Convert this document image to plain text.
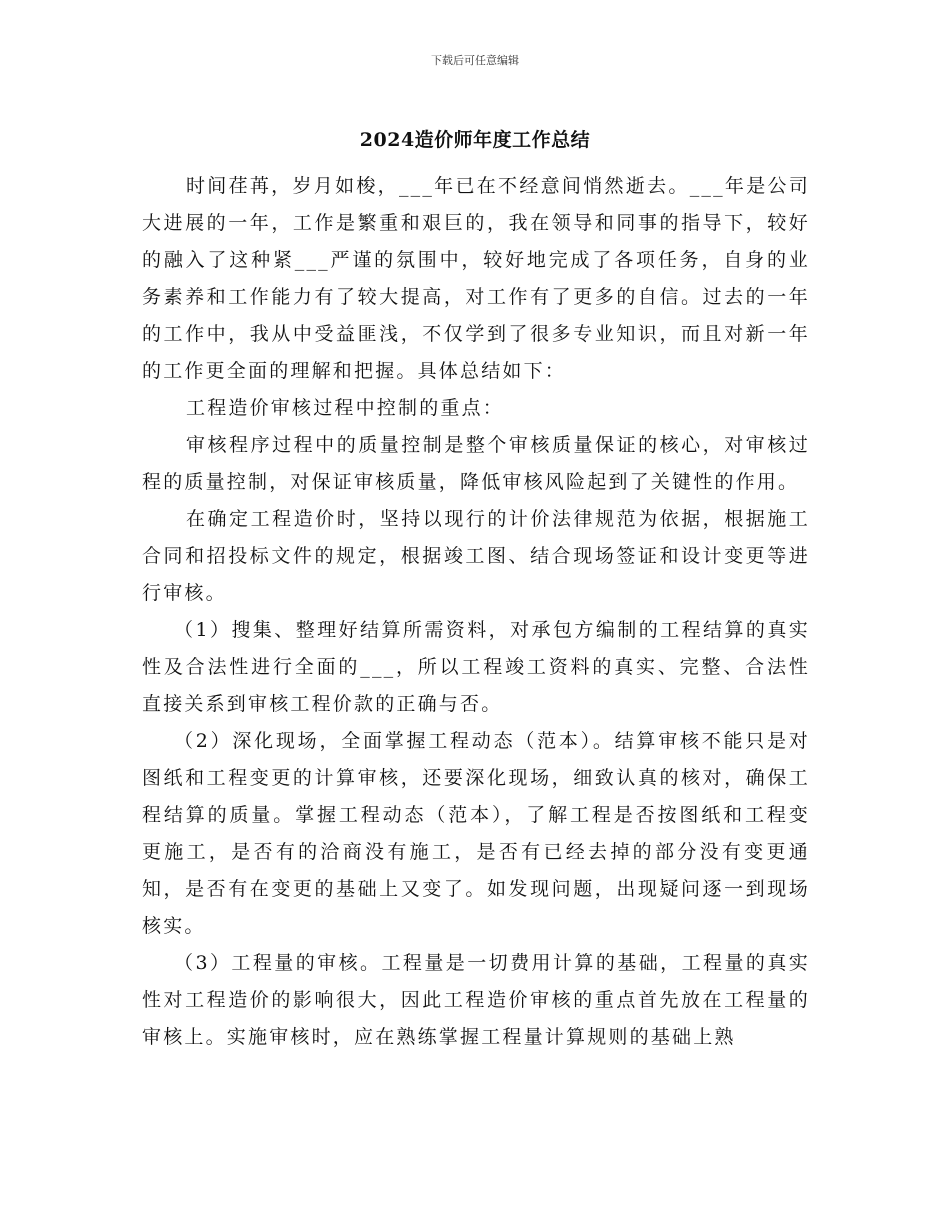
下载后可任意编辑
2024造价师年度工作总结

时间荏苒，岁月如梭，___年已在不经意间悄然逝去。___年是公司大进展的一年，工作是繁重和艰巨的，我在领导和同事的指导下，较好的融入了这种紧___严谨的氛围中，较好地完成了各项任务，自身的业务素养和工作能力有了较大提高，对工作有了更多的自信。过去的一年的工作中，我从中受益匪浅，不仅学到了很多专业知识，而且对新一年的工作更全面的理解和把握。具体总结如下：

工程造价审核过程中控制的重点：

审核程序过程中的质量控制是整个审核质量保证的核心，对审核过程的质量控制，对保证审核质量，降低审核风险起到了关键性的作用。

在确定工程造价时，坚持以现行的计价法律规范为依据，根据施工合同和招投标文件的规定，根据竣工图、结合现场签证和设计变更等进行审核。

（1）搜集、整理好结算所需资料，对承包方编制的工程结算的真实性及合法性进行全面的___，所以工程竣工资料的真实、完整、合法性直接关系到审核工程价款的正确与否。

（2）深化现场，全面掌握工程动态（范本）。结算审核不能只是对图纸和工程变更的计算审核，还要深化现场，细致认真的核对，确保工程结算的质量。掌握工程动态（范本），了解工程是否按图纸和工程变更施工，是否有的洽商没有施工，是否有已经去掉的部分没有变更通知，是否有在变更的基础上又变了。如发现问题，出现疑问逐一到现场核实。

（3）工程量的审核。工程量是一切费用计算的基础，工程量的真实性对工程造价的影响很大，因此工程造价审核的重点首先放在工程量的审核上。实施审核时，应在熟练掌握工程量计算规则的基础上熟
